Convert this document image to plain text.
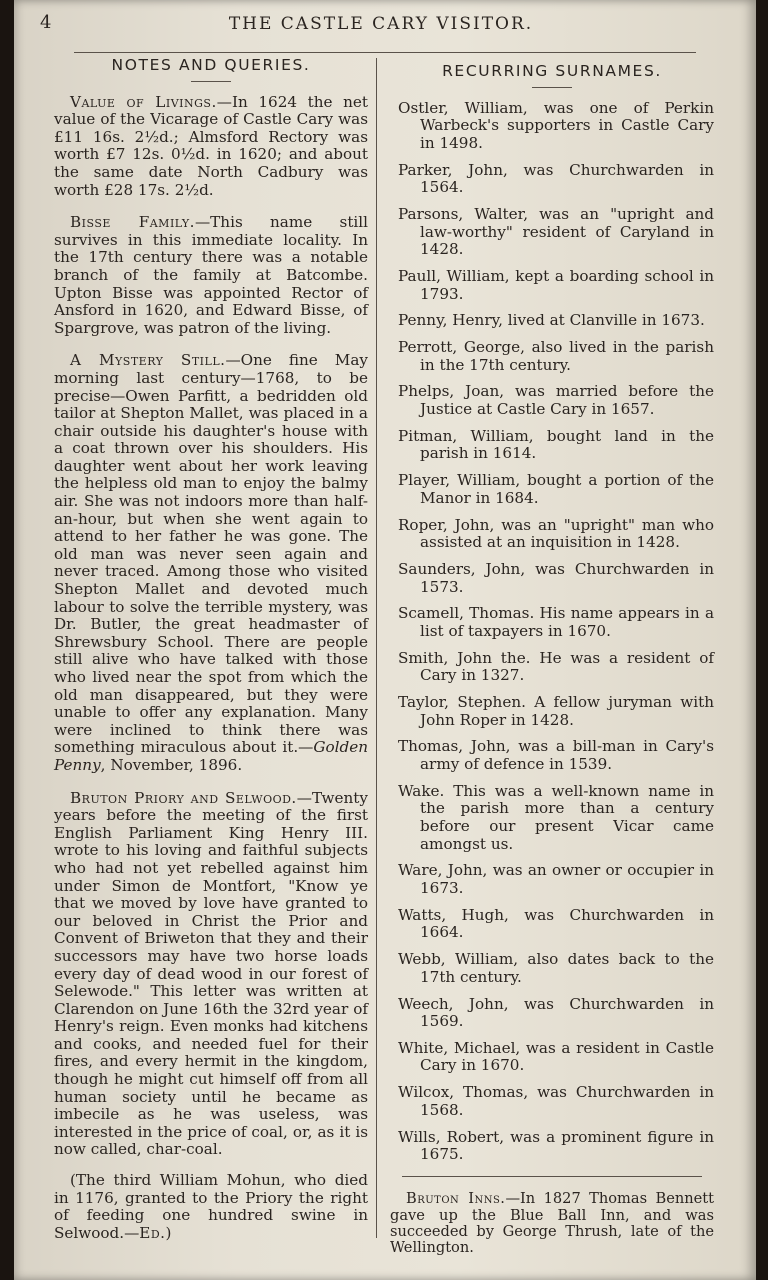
4	THE CASTLE CARY VISITOR.
NOTES AND QUERIES.

Value of Livings.—In 1624 the net value of the Vicarage of Castle Cary was £11 16s. 2½d.; Almsford Rectory was worth £7 12s. 0½d. in 1620; and about the same date North Cadbury was worth £28 17s. 2½d.

Bisse Family.—This name still survives in this immediate locality. In the 17th century there was a notable branch of the family at Batcombe. Upton Bisse was appointed Rector of Ansford in 1620, and Edward Bisse, of Spargrove, was patron of the living.

A Mystery Still.—One fine May morning last century—1768, to be precise—Owen Parfitt, a bedridden old tailor at Shepton Mallet, was placed in a chair outside his daughter's house with a coat thrown over his shoulders. His daughter went about her work leaving the helpless old man to enjoy the balmy air. She was not indoors more than half-an-hour, but when she went again to attend to her father he was gone. The old man was never seen again and never traced. Among those who visited Shepton Mallet and devoted much labour to solve the terrible mystery, was Dr. Butler, the great headmaster of Shrewsbury School. There are people still alive who have talked with those who lived near the spot from which the old man disappeared, but they were unable to offer any explanation. Many were inclined to think there was something miraculous about it.—Golden Penny, November, 1896.

Bruton Priory and Selwood.—Twenty years before the meeting of the first English Parliament King Henry III. wrote to his loving and faithful subjects who had not yet rebelled against him under Simon de Montfort, "Know ye that we moved by love have granted to our beloved in Christ the Prior and Convent of Briweton that they and their successors may have two horse loads every day of dead wood in our forest of Selewode." This letter was written at Clarendon on June 16th the 32rd year of Henry's reign. Even monks had kitchens and cooks, and needed fuel for their fires, and every hermit in the kingdom, though he might cut himself off from all human society until he became as imbecile as he was useless, was interested in the price of coal, or, as it is now called, char-coal.

(The third William Mohun, who died in 1176, granted to the Priory the right of feeding one hundred swine in Selwood.—Ed.)

RECURRING SURNAMES.
Ostler, William, was one of Perkin Warbeck's supporters in Castle Cary in 1498.
Parker, John, was Churchwarden in 1564.
Parsons, Walter, was an "upright and law-worthy" resident of Caryland in 1428.
Paull, William, kept a boarding school in 1793.
Penny, Henry, lived at Clanville in 1673.
Perrott, George, also lived in the parish in the 17th century.
Phelps, Joan, was married before the Justice at Castle Cary in 1657.
Pitman, William, bought land in the parish in 1614.
Player, William, bought a portion of the Manor in 1684.
Roper, John, was an "upright" man who assisted at an inquisition in 1428.
Saunders, John, was Churchwarden in 1573.
Scamell, Thomas. His name appears in a list of taxpayers in 1670.
Smith, John the. He was a resident of Cary in 1327.
Taylor, Stephen. A fellow juryman with John Roper in 1428.
Thomas, John, was a bill-man in Cary's army of defence in 1539.
Wake. This was a well-known name in the parish more than a century before our present Vicar came amongst us.
Ware, John, was an owner or occupier in 1673.
Watts, Hugh, was Churchwarden in 1664.
Webb, William, also dates back to the 17th century.
Weech, John, was Churchwarden in 1569.
White, Michael, was a resident in Castle Cary in 1670.
Wilcox, Thomas, was Churchwarden in 1568.
Wills, Robert, was a prominent figure in 1675.

Bruton Inns.—In 1827 Thomas Bennett gave up the Blue Ball Inn, and was succeeded by George Thrush, late of the Wellington.
